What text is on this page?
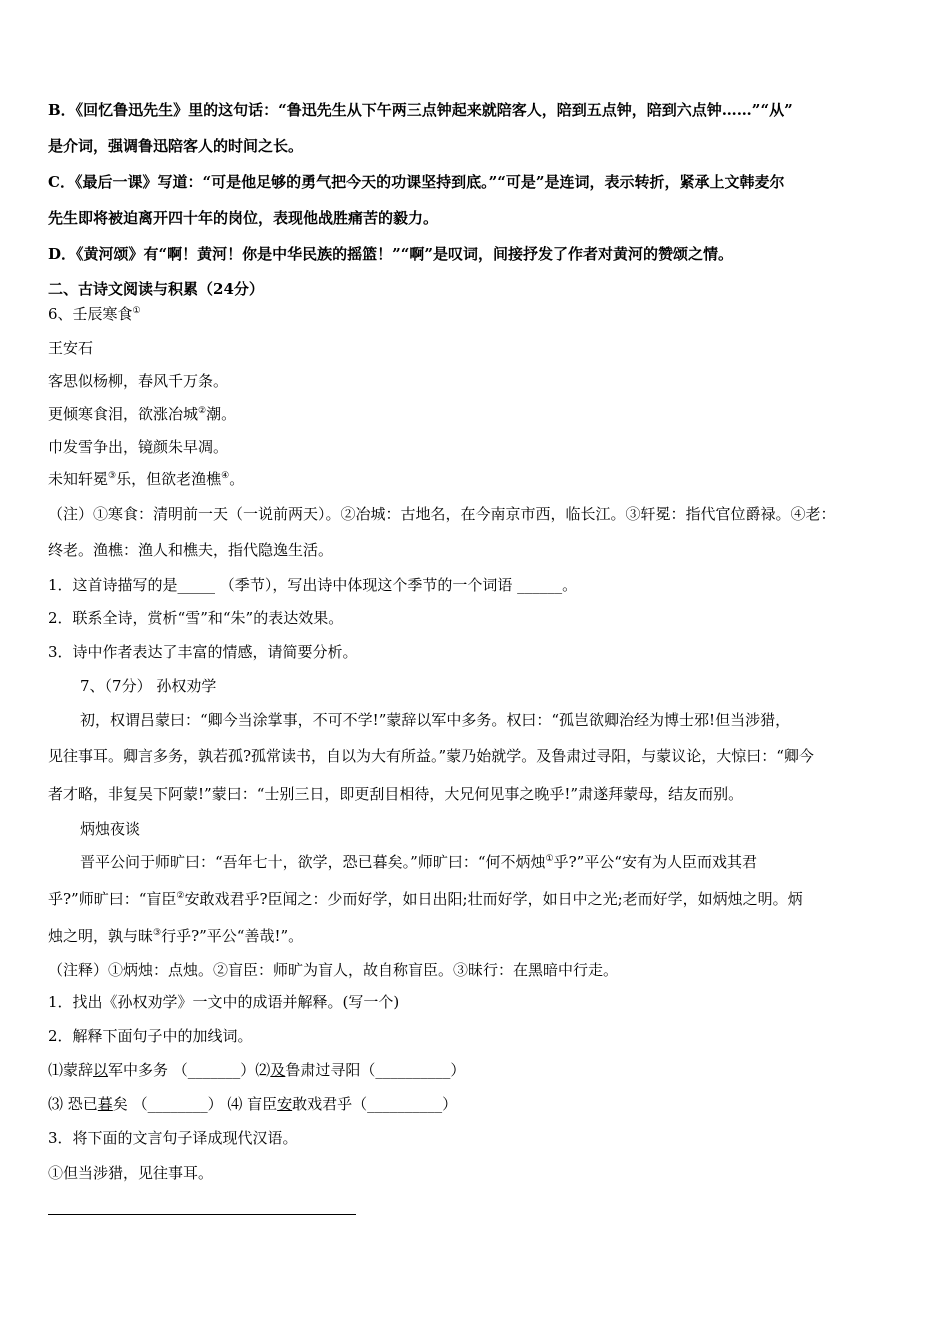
B．《回忆鲁迅先生》里的这句话：“鲁迅先生从下午两三点钟起来就陪客人，陪到五点钟，陪到六点钟……”“从”
是介词，强调鲁迅陪客人的时间之长。
C．《最后一课》写道：“可是他足够的勇气把今天的功课坚持到底。”“可是”是连词，表示转折，紧承上文韩麦尔
先生即将被迫离开四十年的岗位，表现他战胜痛苦的毅力。
D．《黄河颂》有“啊！黄河！你是中华民族的摇篮！”“啊”是叹词，间接抒发了作者对黄河的赞颂之情。
二、古诗文阅读与积累（24分）
6、壬辰寒食①
王安石
客思似杨柳，春风千万条。
更倾寒食泪，欲涨冶城②潮。
巾发雪争出，镜颜朱早凋。
未知轩冕③乐，但欲老渔樵④。
（注）①寒食：清明前一天（一说前两天）。②冶城：古地名，在今南京市西，临长江。③轩冕：指代官位爵禄。④老：
终老。渔樵：渔人和樵夫，指代隐逸生活。
1．这首诗描写的是_____ （季节），写出诗中体现这个季节的一个词语 ______。
2．联系全诗，赏析“雪”和“朱”的表达效果。
3．诗中作者表达了丰富的情感，请简要分析。
7、（7分） 孙权劝学
初，权谓吕蒙曰：“卿今当涂掌事，不可不学!”蒙辞以军中多务。权曰：“孤岂欲卿治经为博士邪!但当涉猎，
见往事耳。卿言多务，孰若孤?孤常读书，自以为大有所益。”蒙乃始就学。及鲁肃过寻阳，与蒙议论，大惊曰：“卿今
者才略，非复吴下阿蒙!”蒙曰：“士别三日，即更刮目相待，大兄何见事之晚乎!”肃遂拜蒙母，结友而别。
炳烛夜谈
晋平公问于师旷曰：“吾年七十，欲学，恐已暮矣。”师旷曰：“何不炳烛①乎?”平公“安有为人臣而戏其君
乎?”师旷曰：“盲臣②安敢戏君乎?臣闻之：少而好学，如日出阳;壮而好学，如日中之光;老而好学，如炳烛之明。炳
烛之明，孰与昧③行乎?”平公“善哉!”。
（注释）①炳烛：点烛。②盲臣：师旷为盲人，故自称盲臣。③昧行：在黑暗中行走。
1．找出《孙权劝学》一文中的成语并解释。(写一个)
2．解释下面句子中的加线词。
⑴蒙辞以军中多务 （_______）⑵及鲁肃过寻阳（__________）
⑶ 恐已暮矣 （________） ⑷ 盲臣安敢戏君乎（__________）
3．将下面的文言句子译成现代汉语。
①但当涉猎，见往事耳。
